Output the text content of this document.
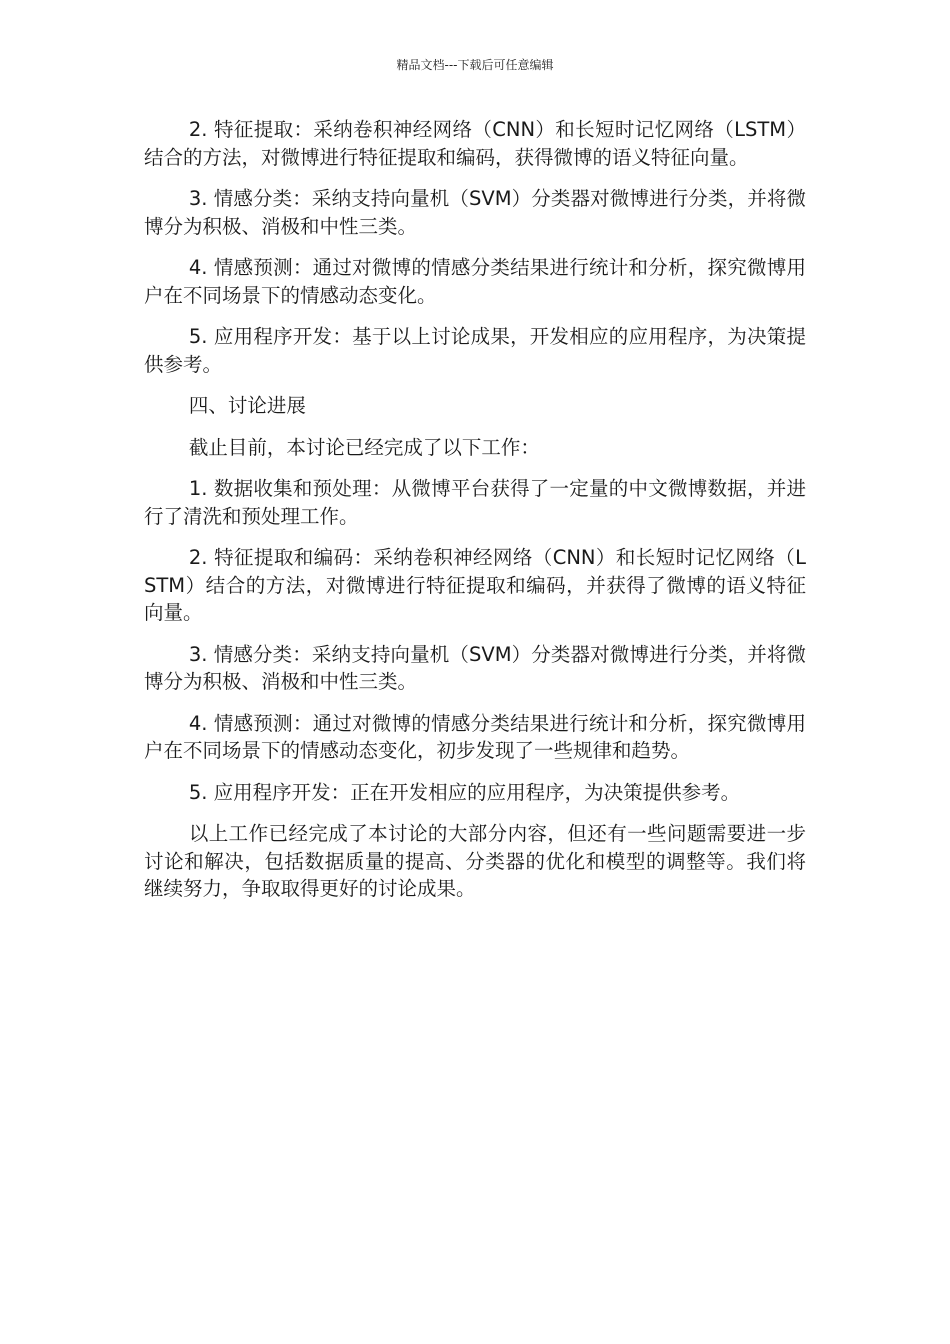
精品文档---下载后可任意编辑

2. 特征提取：采纳卷积神经网络（CNN）和长短时记忆网络（LSTM）结合的方法，对微博进行特征提取和编码，获得微博的语义特征向量。

3. 情感分类：采纳支持向量机（SVM）分类器对微博进行分类，并将微博分为积极、消极和中性三类。

4. 情感预测：通过对微博的情感分类结果进行统计和分析，探究微博用户在不同场景下的情感动态变化。

5. 应用程序开发：基于以上讨论成果，开发相应的应用程序，为决策提供参考。

四、讨论进展

截止目前，本讨论已经完成了以下工作：

1. 数据收集和预处理：从微博平台获得了一定量的中文微博数据，并进行了清洗和预处理工作。

2. 特征提取和编码：采纳卷积神经网络（CNN）和长短时记忆网络（LSTM）结合的方法，对微博进行特征提取和编码，并获得了微博的语义特征向量。

3. 情感分类：采纳支持向量机（SVM）分类器对微博进行分类，并将微博分为积极、消极和中性三类。

4. 情感预测：通过对微博的情感分类结果进行统计和分析，探究微博用户在不同场景下的情感动态变化，初步发现了一些规律和趋势。

5. 应用程序开发：正在开发相应的应用程序，为决策提供参考。

以上工作已经完成了本讨论的大部分内容，但还有一些问题需要进一步讨论和解决，包括数据质量的提高、分类器的优化和模型的调整等。我们将继续努力，争取取得更好的讨论成果。
